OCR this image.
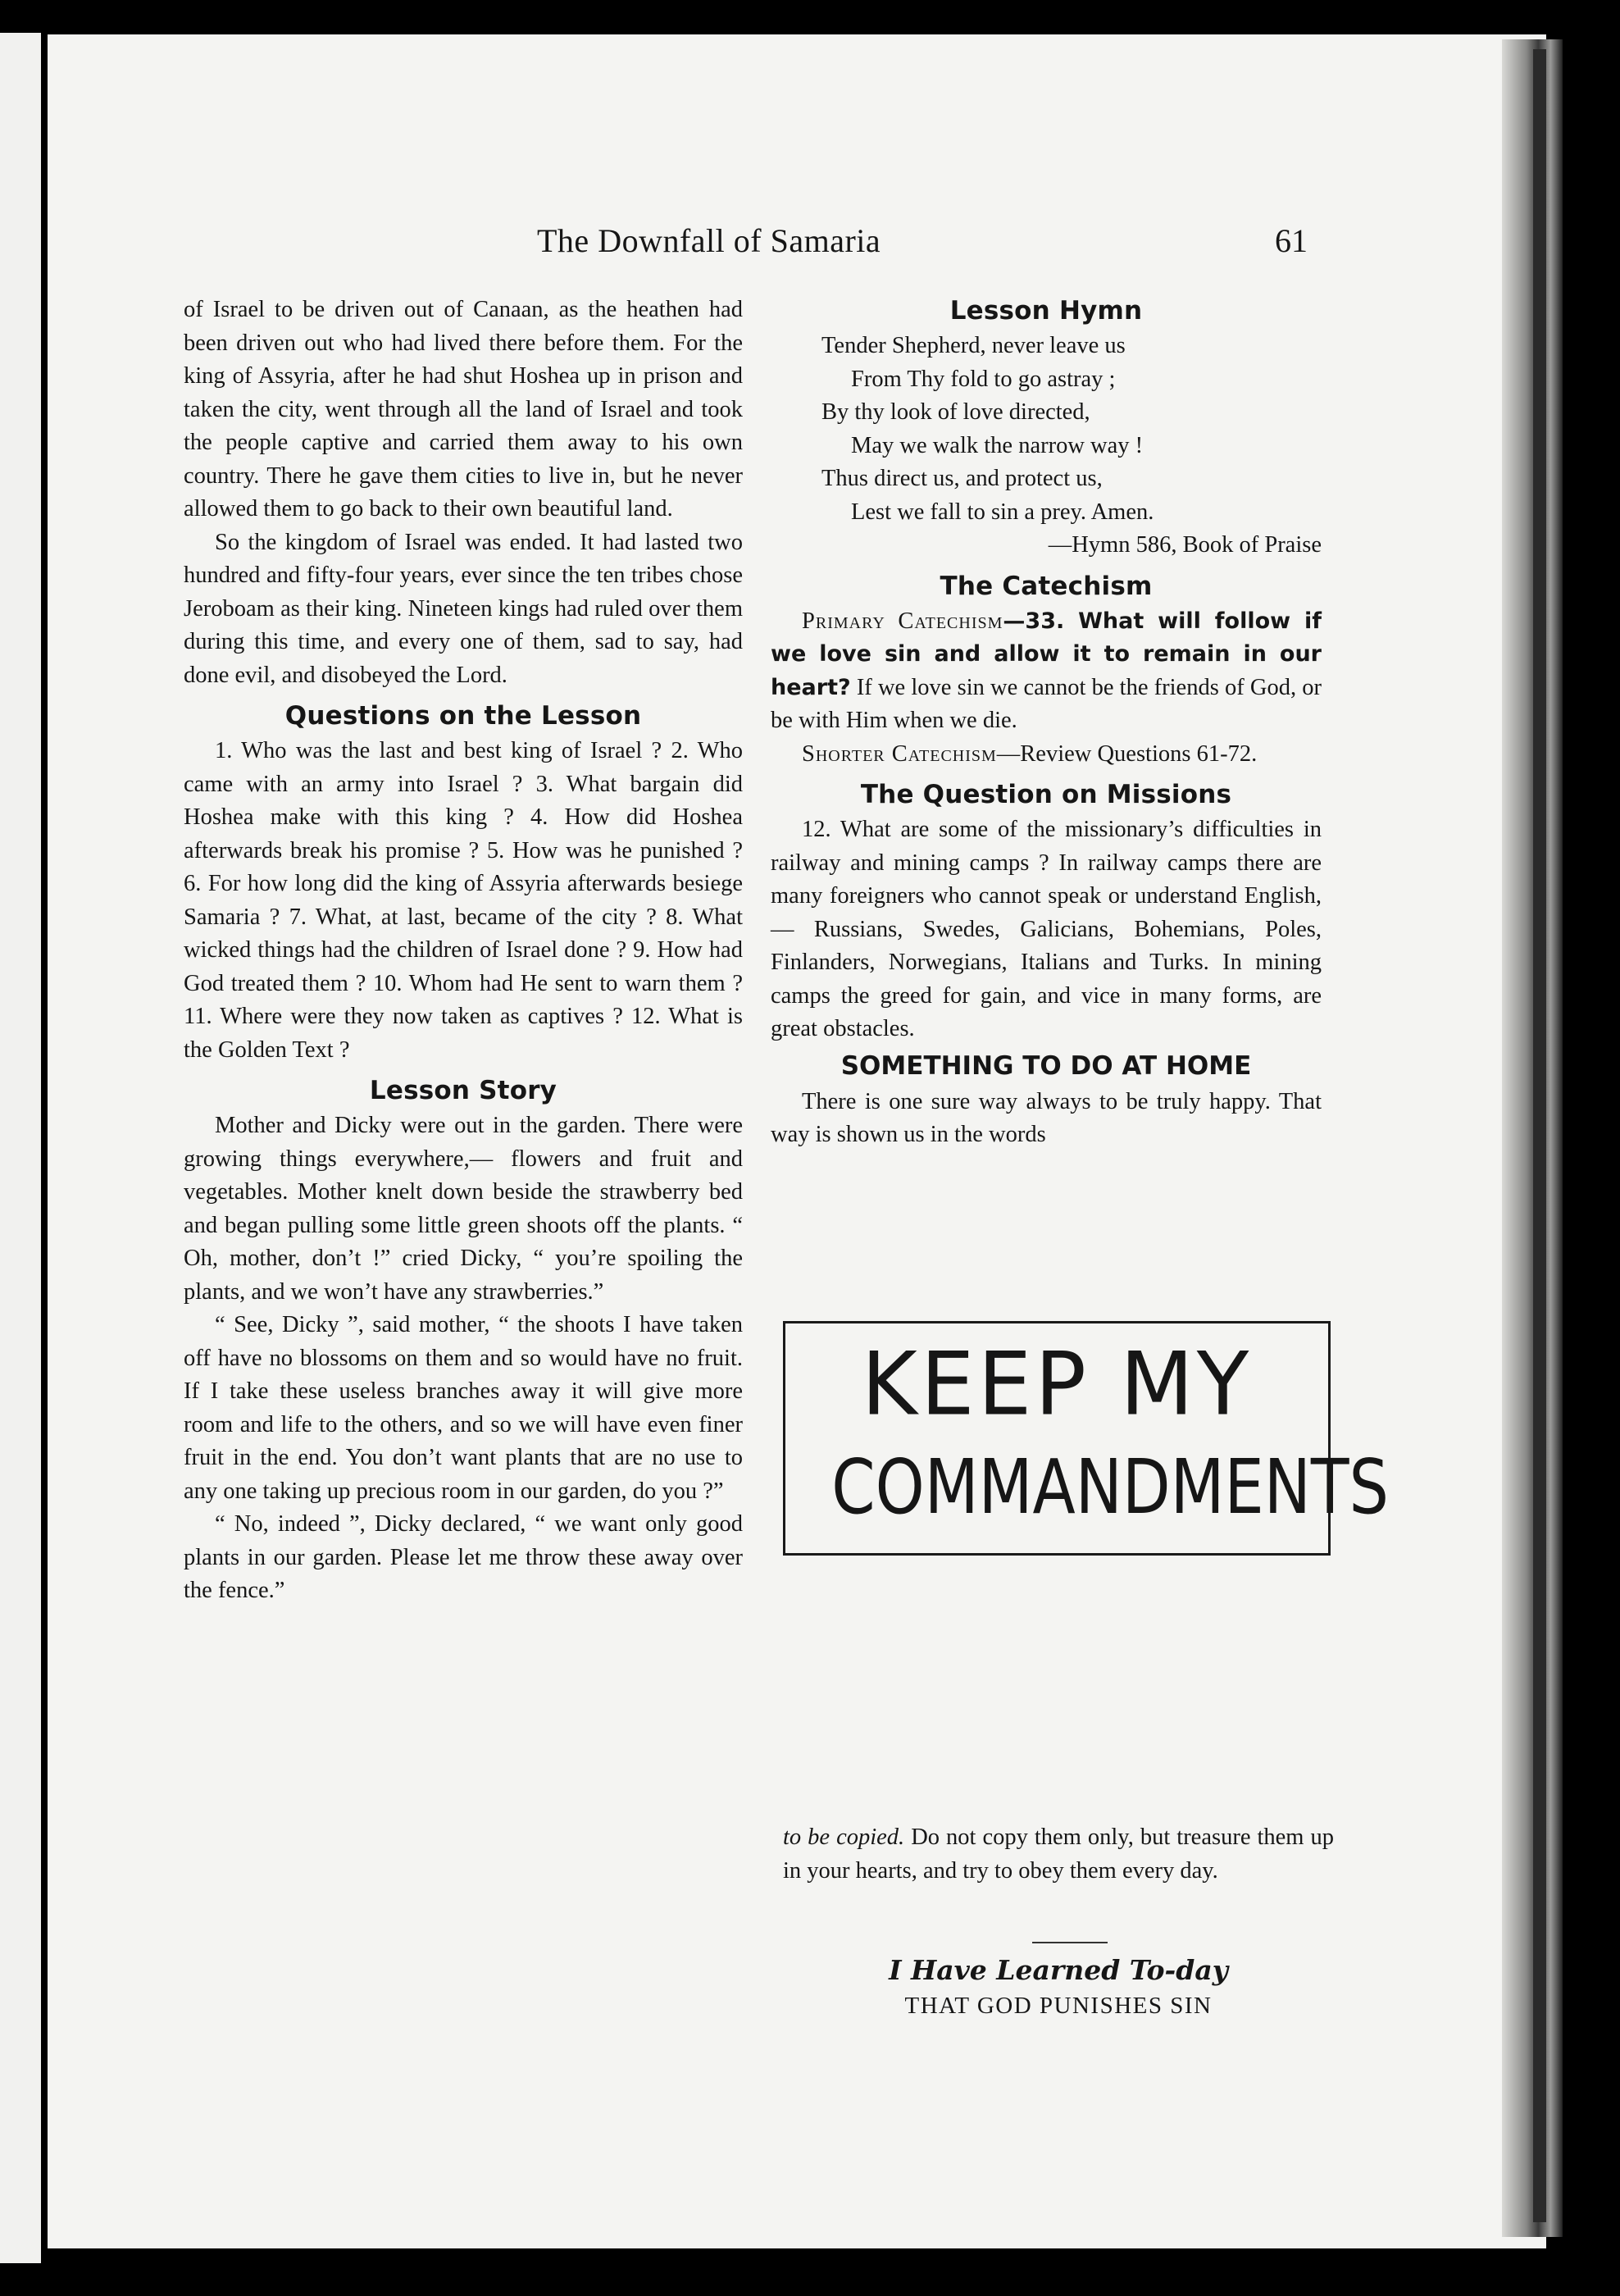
The Downfall of Samaria	61

of Israel to be driven out of Canaan, as the heathen had been driven out who had lived there before them. For the king of Assyria, after he had shut Hoshea up in prison and taken the city, went through all the land of Israel and took the people captive and carried them away to his own country. There he gave them cities to live in, but he never allowed them to go back to their own beautiful land.

So the kingdom of Israel was ended. It had lasted two hundred and fifty-four years, ever since the ten tribes chose Jeroboam as their king. Nineteen kings had ruled over them during this time, and every one of them, sad to say, had done evil, and disobeyed the Lord.

Questions on the Lesson

1. Who was the last and best king of Israel ? 2. Who came with an army into Israel ? 3. What bargain did Hoshea make with this king ? 4. How did Hoshea afterwards break his promise ? 5. How was he punished ? 6. For how long did the king of Assyria afterwards besiege Samaria ? 7. What, at last, became of the city ? 8. What wicked things had the children of Israel done ? 9. How had God treated them ? 10. Whom had He sent to warn them ? 11. Where were they now taken as captives ? 12. What is the Golden Text ?

Lesson Story

Mother and Dicky were out in the garden. There were growing things everywhere,— flowers and fruit and vegetables. Mother knelt down beside the strawberry bed and began pulling some little green shoots off the plants. “ Oh, mother, don’t !” cried Dicky, “ you’re spoiling the plants, and we won’t have any strawberries.”

“ See, Dicky ”, said mother, “ the shoots I have taken off have no blossoms on them and so would have no fruit. If I take these useless branches away it will give more room and life to the others, and so we will have even finer fruit in the end. You don’t want plants that are no use to any one taking up precious room in our garden, do you ?”

“ No, indeed ”, Dicky declared, “ we want only good plants in our garden. Please let me throw these away over the fence.”

Lesson Hymn

Tender Shepherd, never leave us

From Thy fold to go astray ;

By thy look of love directed,

May we walk the narrow way !

Thus direct us, and protect us,

Lest we fall to sin a prey. Amen.

—Hymn 586, Book of Praise

The Catechism

Primary Catechism—33. What will follow if we love sin and allow it to remain in our heart? If we love sin we cannot be the friends of God, or be with Him when we die.

Shorter Catechism—Review Questions 61-72.

The Question on Missions

12. What are some of the missionary’s difficulties in railway and mining camps ? In railway camps there are many foreigners who cannot speak or understand English,— Russians, Swedes, Galicians, Bohemians, Poles, Finlanders, Norwegians, Italians and Turks. In mining camps the greed for gain, and vice in many forms, are great obstacles.

SOMETHING TO DO AT HOME

There is one sure way always to be truly happy. That way is shown us in the words

KEEP MY
COMMANDMENTS

to be copied. Do not copy them only, but treasure them up in your hearts, and try to obey them every day.

I Have Learned To-day
THAT GOD PUNISHES SIN
